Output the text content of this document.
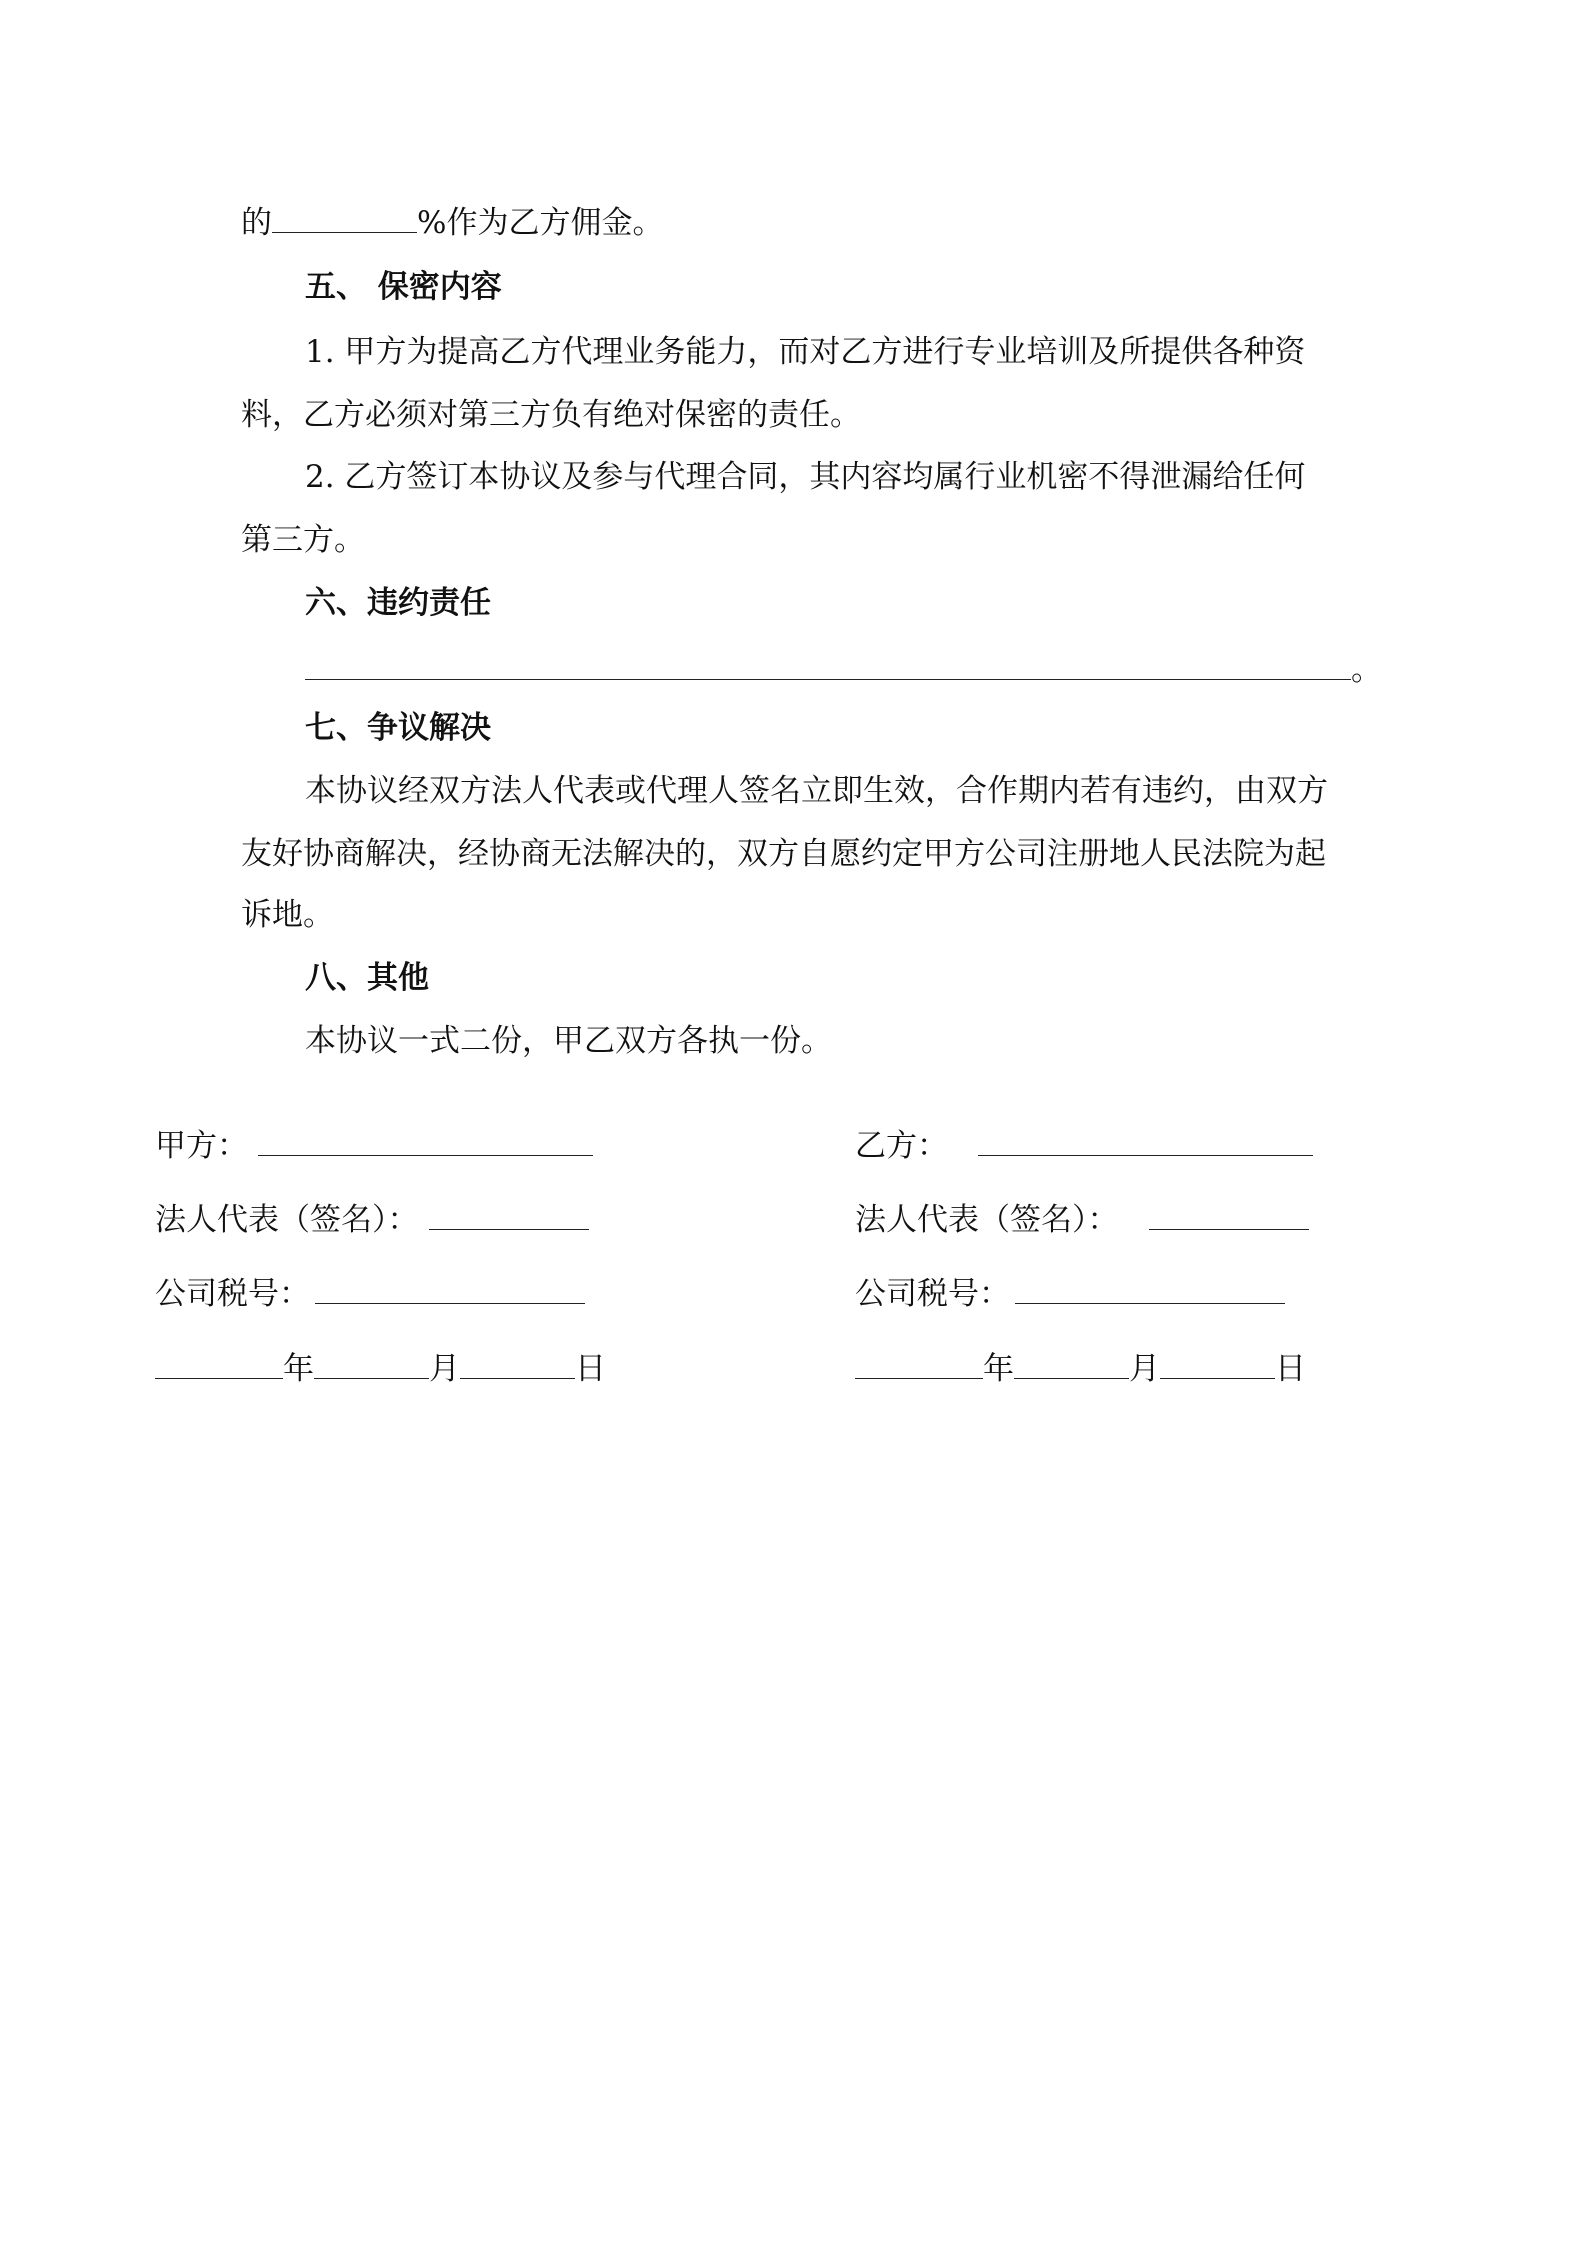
的	%作为乙方佣金。
五、 保密内容
1. 甲方为提高乙方代理业务能力，而对乙方进行专业培训及所提供各种资
料，乙方必须对第三方负有绝对保密的责任。
2. 乙方签订本协议及参与代理合同，其内容均属行业机密不得泄漏给任何
第三方。
六、违约责任
。
七、争议解决
本协议经双方法人代表或代理人签名立即生效，合作期内若有违约，由双方
友好协商解决，经协商无法解决的，双方自愿约定甲方公司注册地人民法院为起
诉地。
八、其他
本协议一式二份，甲乙双方各执一份。
甲方：
法人代表（签名）：
公司税号：
年	月	日
乙方：
法人代表（签名）：
公司税号：
年	月	日
